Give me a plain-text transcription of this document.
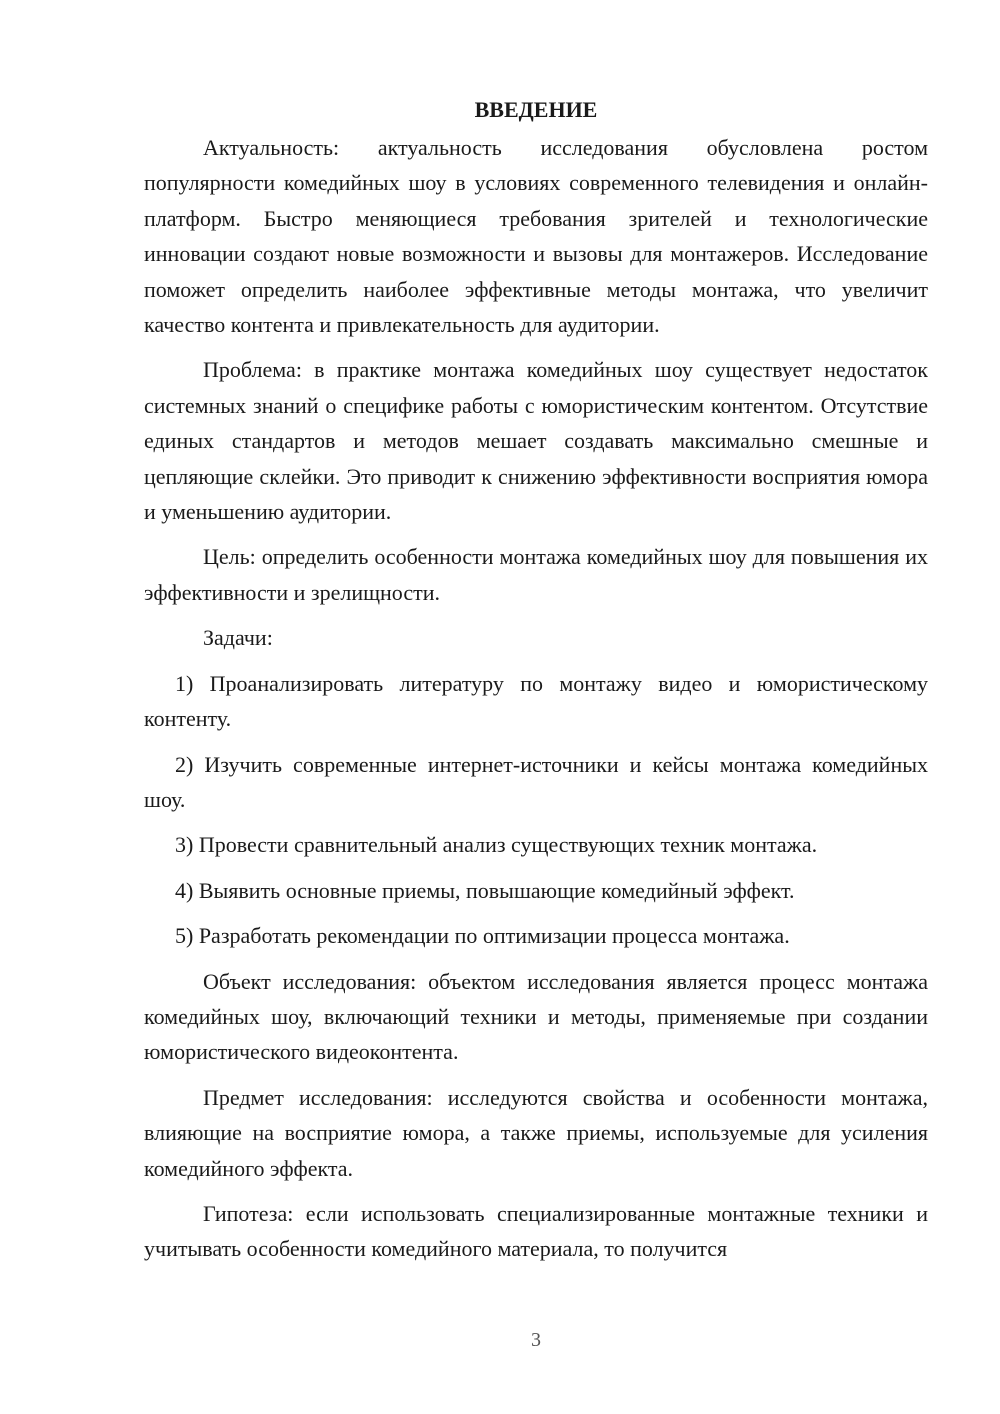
ВВЕДЕНИЕ

Актуальность: актуальность исследования обусловлена ростом популярности комедийных шоу в условиях современного телевидения и онлайн-платформ. Быстро меняющиеся требования зрителей и технологические инновации создают новые возможности и вызовы для монтажеров. Исследование поможет определить наиболее эффективные методы монтажа, что увеличит качество контента и привлекательность для аудитории.

Проблема: в практике монтажа комедийных шоу существует недостаток системных знаний о специфике работы с юмористическим контентом. Отсутствие единых стандартов и методов мешает создавать максимально смешные и цепляющие склейки. Это приводит к снижению эффективности восприятия юмора и уменьшению аудитории.

Цель: определить особенности монтажа комедийных шоу для повышения их эффективности и зрелищности.

Задачи:

1) Проанализировать литературу по монтажу видео и юмористическому контенту.

2) Изучить современные интернет-источники и кейсы монтажа комедийных шоу.

3) Провести сравнительный анализ существующих техник монтажа.

4) Выявить основные приемы, повышающие комедийный эффект.

5) Разработать рекомендации по оптимизации процесса монтажа.

Объект исследования: объектом исследования является процесс монтажа комедийных шоу, включающий техники и методы, применяемые при создании юмористического видеоконтента.

Предмет исследования: исследуются свойства и особенности монтажа, влияющие на восприятие юмора, а также приемы, используемые для усиления комедийного эффекта.

Гипотеза: если использовать специализированные монтажные техники и учитывать особенности комедийного материала, то получится

3
